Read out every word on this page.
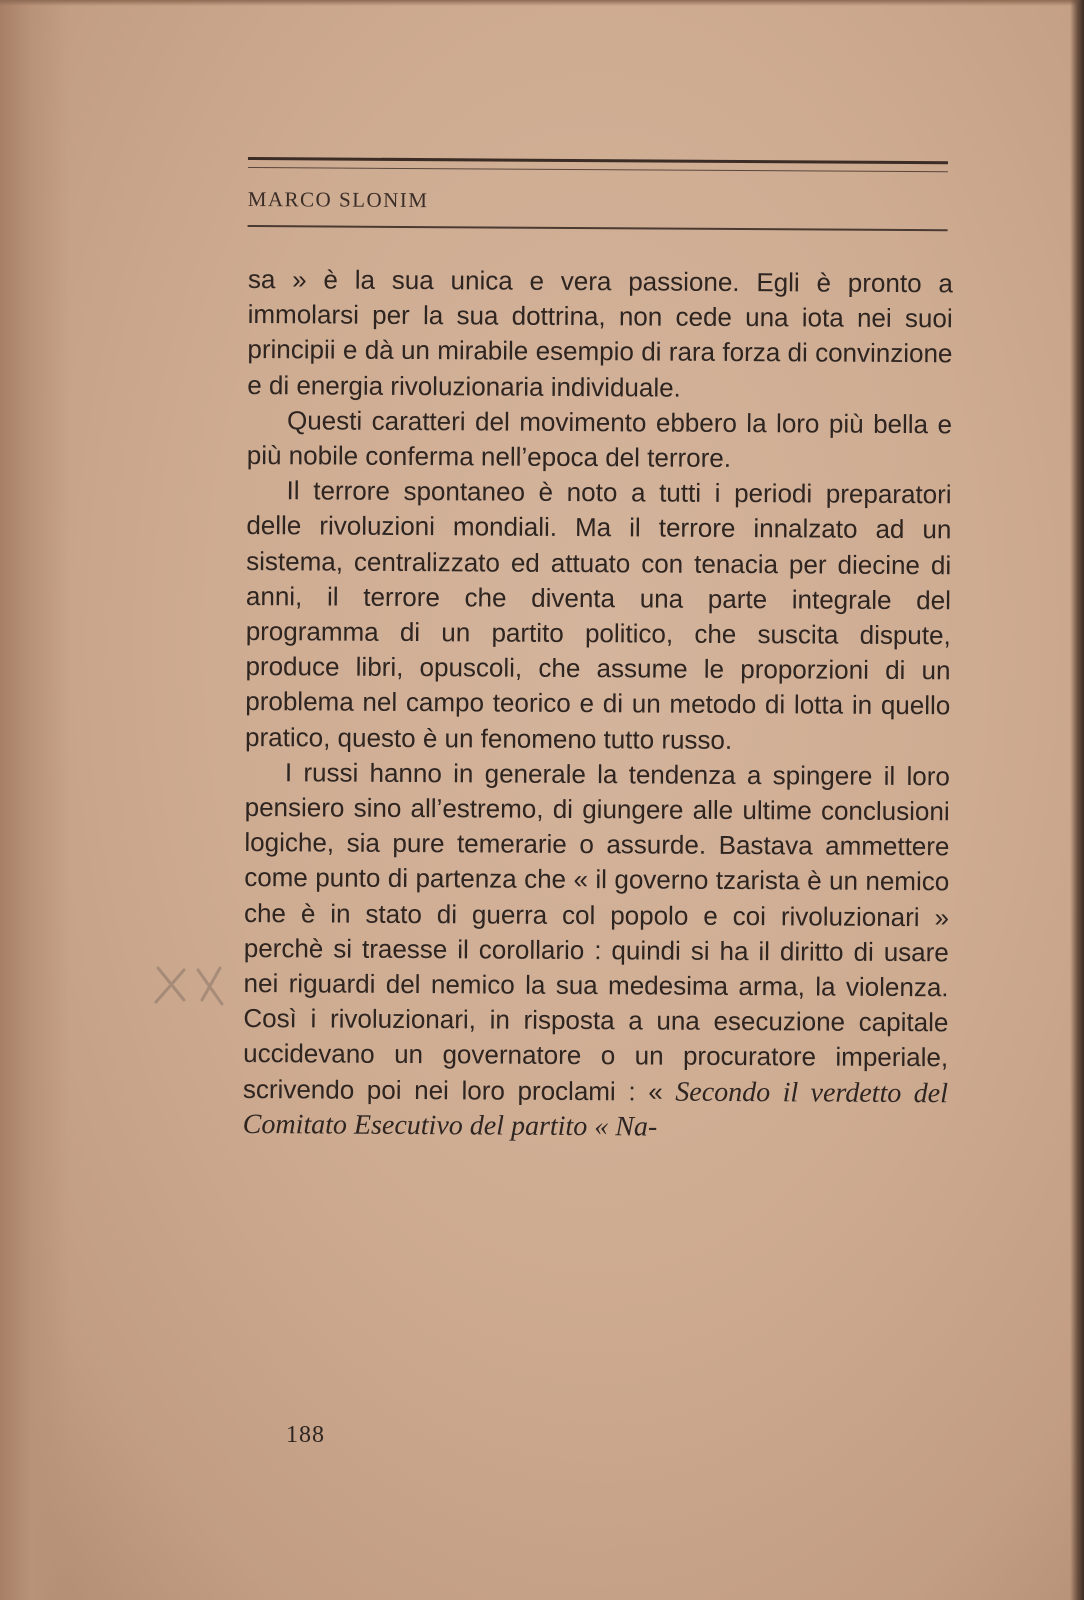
MARCO SLONIM

sa » è la sua unica e vera passione. Egli è pronto a immolarsi per la sua dottrina, non cede una iota nei suoi principii e dà un mirabile esempio di rara forza di convinzione e di energia rivoluzionaria individuale.

Questi caratteri del movimento ebbero la loro più bella e più nobile conferma nell’epoca del terrore.

Il terrore spontaneo è noto a tutti i periodi preparatori delle rivoluzioni mondiali. Ma il terrore innalzato ad un sistema, centralizzato ed attuato con tenacia per diecine di anni, il terrore che diventa una parte integrale del programma di un partito politico, che suscita dispute, produce libri, opuscoli, che assume le proporzioni di un problema nel campo teorico e di un metodo di lotta in quello pratico, questo è un fenomeno tutto russo.

I russi hanno in generale la tendenza a spingere il loro pensiero sino all’estremo, di giungere alle ultime conclusioni logiche, sia pure temerarie o assurde. Bastava ammettere come punto di partenza che « il governo tzarista è un nemico che è in stato di guerra col popolo e coi rivoluzionari » perchè si traesse il corollario : quindi si ha il diritto di usare nei riguardi del nemico la sua medesima arma, la violenza. Così i rivoluzionari, in risposta a una esecuzione capitale uccidevano un governatore o un procuratore imperiale, scrivendo poi nei loro proclami : « Secondo il verdetto del Comitato Esecutivo del partito « Na-

188
